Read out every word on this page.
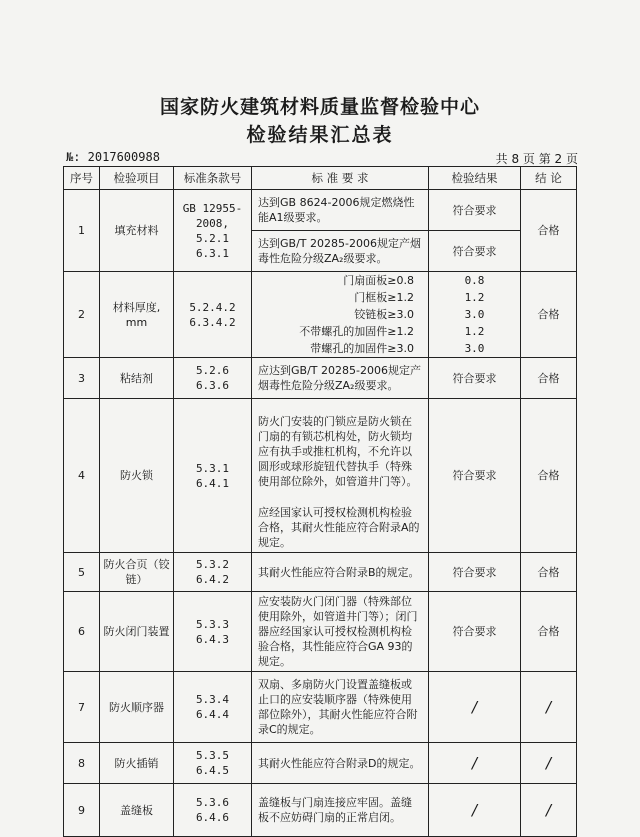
国家防火建筑材料质量监督检验中心
检验结果汇总表
№: 2017600988	共 8 页 第 2 页
序号	检验项目	标准条款号	标 准 要 求	检验结果	结 论
1	填充材料	GB 12955-2008, 5.2.1 6.3.1	达到GB 8624-2006规定燃烧性能A1级要求。	符合要求	合格
			达到GB/T 20285-2006规定产烟毒性危险分级ZA₂级要求。	符合要求	
2	材料厚度, mm	5.2.4.2 6.3.4.2	门扇面板≥0.8	0.8	合格
			门框板≥1.2	1.2	
			铰链板≥3.0	3.0	
			不带螺孔的加固件≥1.2	1.2	
			带螺孔的加固件≥3.0	3.0	
3	粘结剂	5.2.6 6.3.6	应达到GB/T 20285-2006规定产烟毒性危险分级ZA₂级要求。	符合要求	合格
4	防火锁	5.3.1 6.4.1	防火门安装的门锁应是防火锁在门扇的有锁芯机构处，防火锁均应有执手或推杠机构，不允许以圆形或球形旋钮代替执手（特殊使用部位除外，如管道井门等）。	符合要求	合格
			应经国家认可授权检测机构检验合格，其耐火性能应符合附录A的规定。		
5	防火合页（铰链）	5.3.2 6.4.2	其耐火性能应符合附录B的规定。	符合要求	合格
6	防火闭门装置	5.3.3 6.4.3	应安装防火门闭门器（特殊部位使用除外，如管道井门等）；闭门器应经国家认可授权检测机构检验合格，其性能应符合GA 93的规定。	符合要求	合格
7	防火顺序器	5.3.4 6.4.4	双扇、多扇防火门设置盖缝板或止口的应安装顺序器（特殊使用部位除外），其耐火性能应符合附录C的规定。	/	/
8	防火插销	5.3.5 6.4.5	其耐火性能应符合附录D的规定。	/	/
9	盖缝板	5.3.6 6.4.6	盖缝板与门扇连接应牢固。盖缝板不应妨碍门扇的正常启闭。	/	/
